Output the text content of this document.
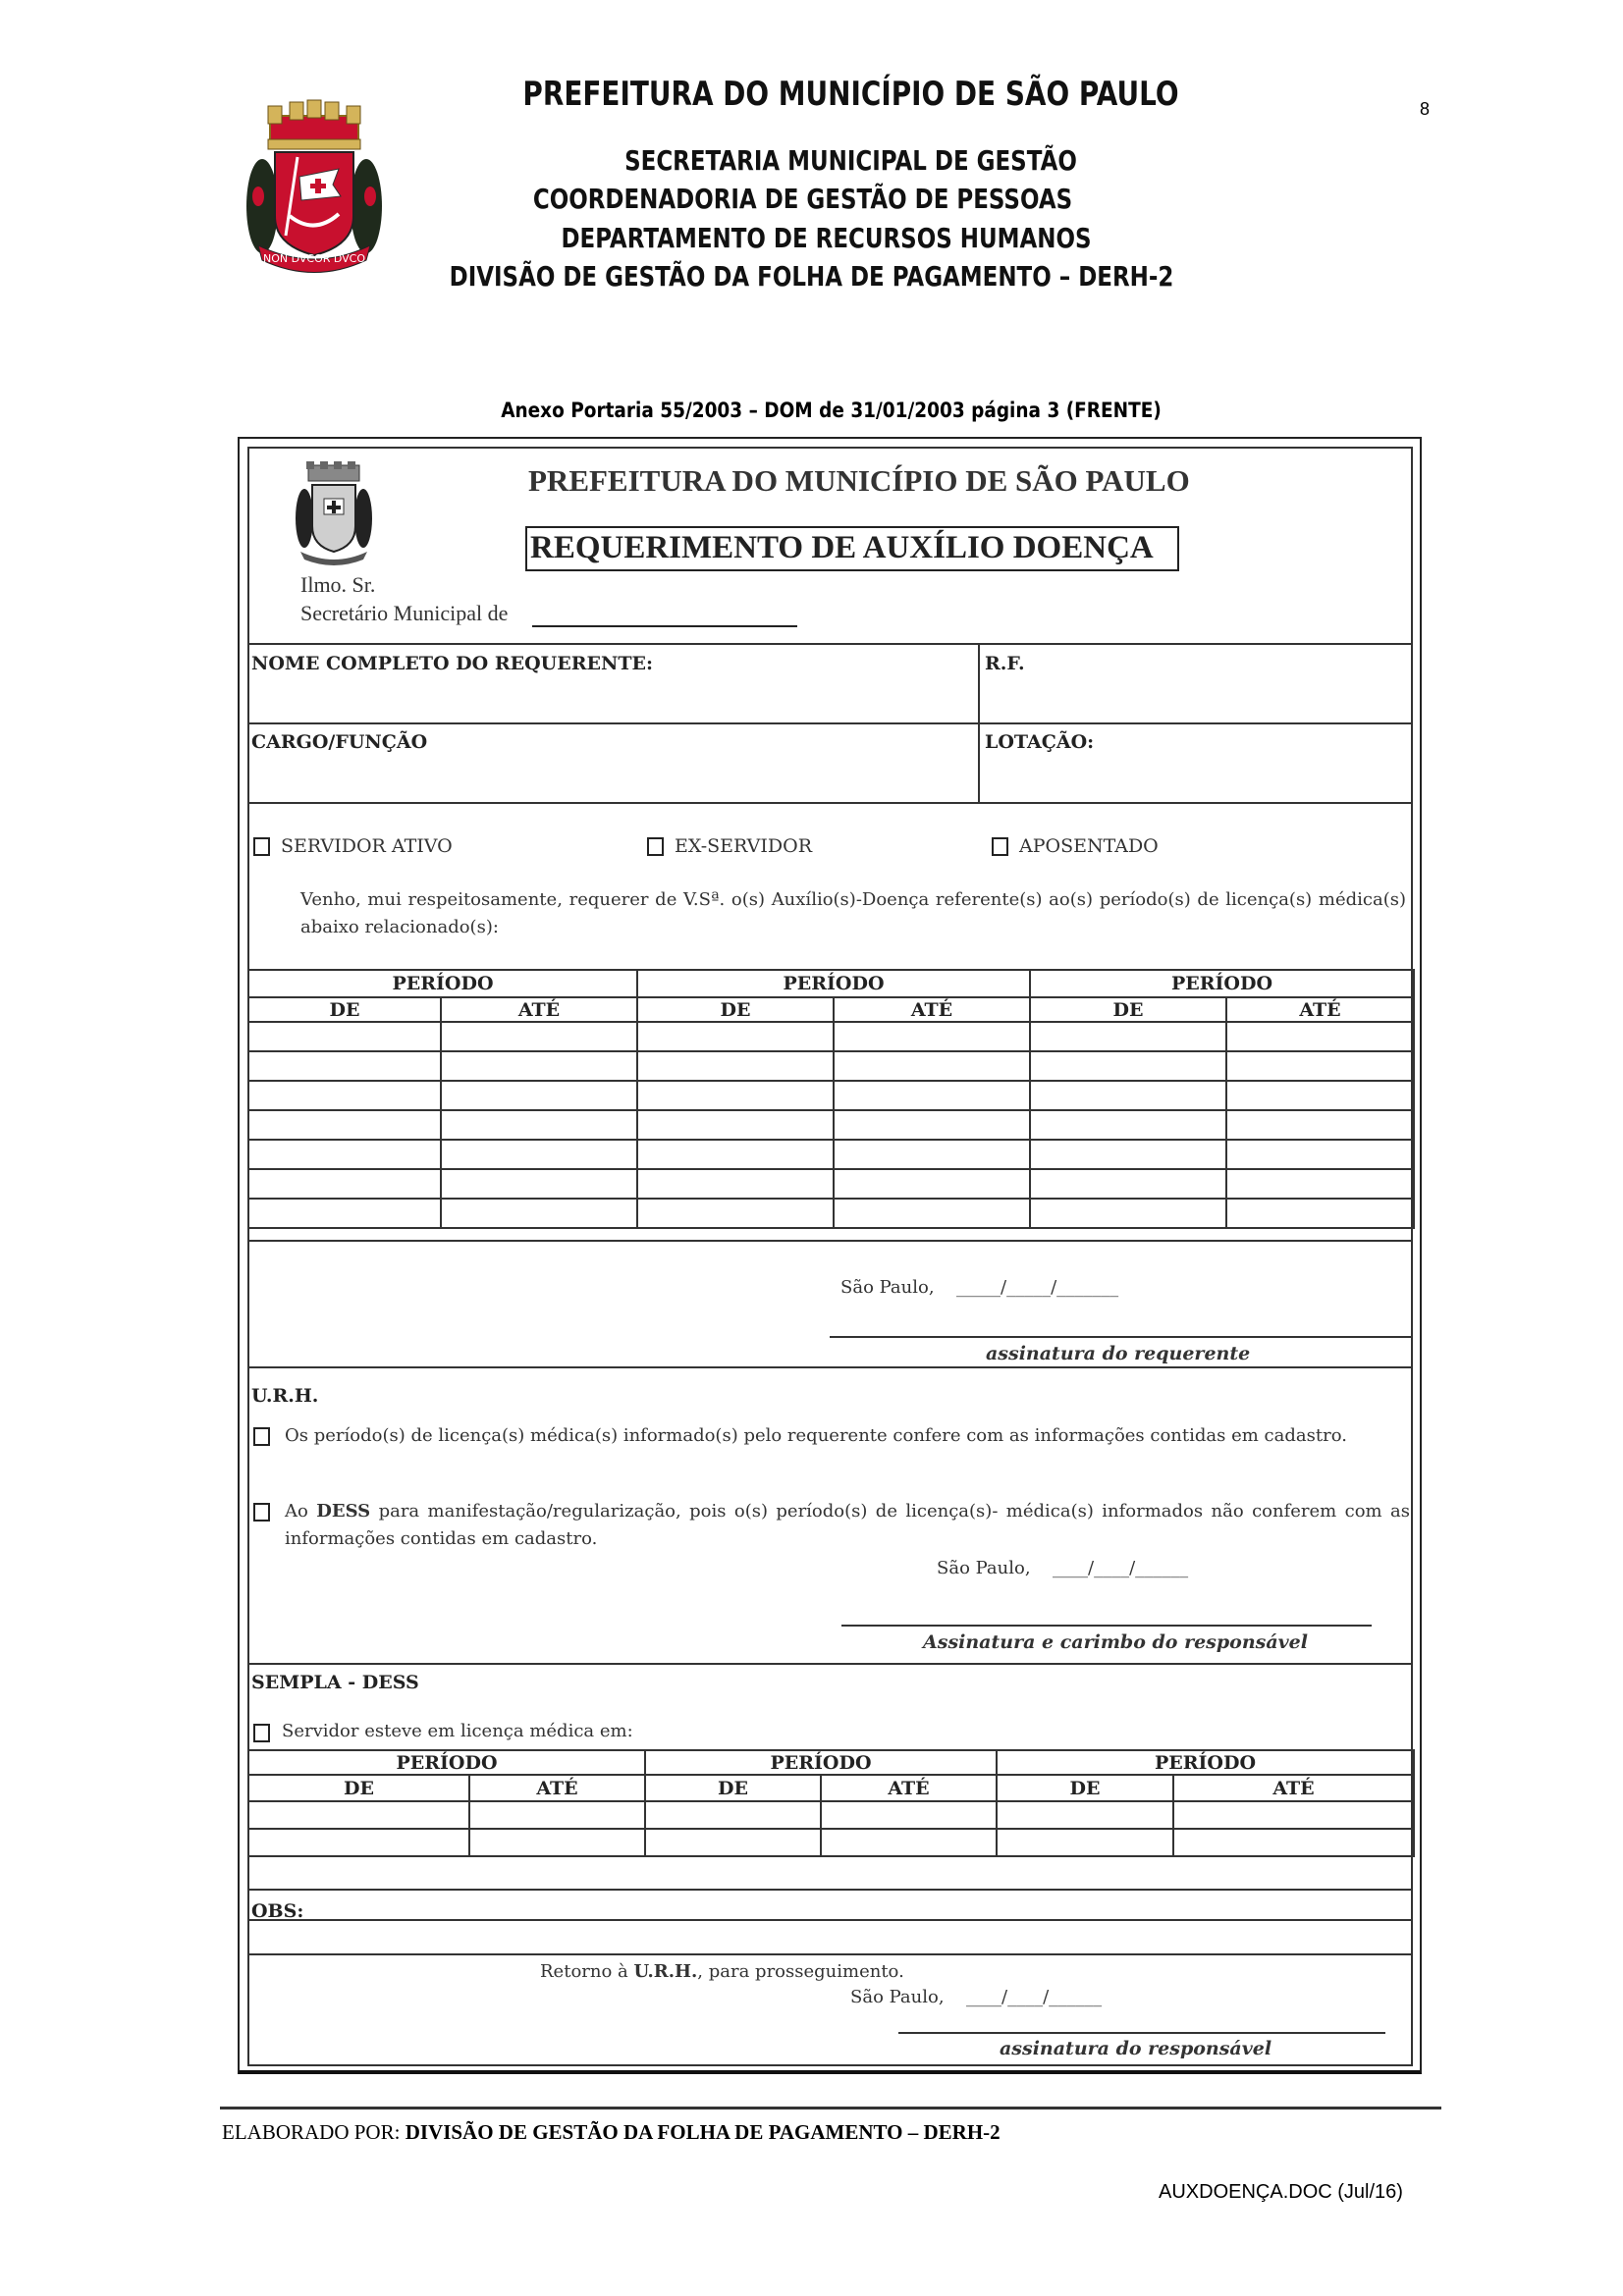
NON DVCOR DVCO
PREFEITURA DO MUNICÍPIO DE SÃO PAULO
SECRETARIA MUNICIPAL DE GESTÃO
COORDENADORIA DE GESTÃO DE PESSOAS
DEPARTAMENTO DE RECURSOS HUMANOS
DIVISÃO DE GESTÃO DA FOLHA DE PAGAMENTO – DERH-2
8
Anexo Portaria 55/2003 – DOM de 31/01/2003 página 3 (FRENTE)
PREFEITURA DO MUNICÍPIO DE SÃO PAULO
REQUERIMENTO DE AUXÍLIO DOENÇA
Ilmo. Sr.
Secretário Municipal de
NOME COMPLETO DO REQUERENTE:	R.F.
CARGO/FUNÇÃO	LOTAÇÃO:
SERVIDOR ATIVO	EX-SERVIDOR	APOSENTADO
Venho, mui respeitosamente, requerer de V.Sª. o(s) Auxílio(s)-Doença referente(s) ao(s) período(s) de licença(s) médica(s) abaixo relacionado(s):
PERÍODO		PERÍODO		PERÍODO	
DE	ATÉ	DE	ATÉ	DE	ATÉ

São Paulo, _____/_____/_______
assinatura do requerente
U.R.H.
Os período(s) de licença(s) médica(s) informado(s) pelo requerente confere com as informações contidas em cadastro.
Ao DESS para manifestação/regularização, pois o(s) período(s) de licença(s)- médica(s) informados não conferem com as informações contidas em cadastro.
São Paulo, ____/____/______
Assinatura e carimbo do responsável
SEMPLA - DESS
Servidor esteve em licença médica em:
PERÍODO		PERÍODO		PERÍODO	
DE	ATÉ	DE	ATÉ	DE	ATÉ

OBS:
Retorno à U.R.H., para prosseguimento.
São Paulo, ____/____/______
assinatura do responsável
ELABORADO POR: DIVISÃO DE GESTÃO DA FOLHA DE PAGAMENTO – DERH-2
AUXDOENÇA.DOC (Jul/16)
